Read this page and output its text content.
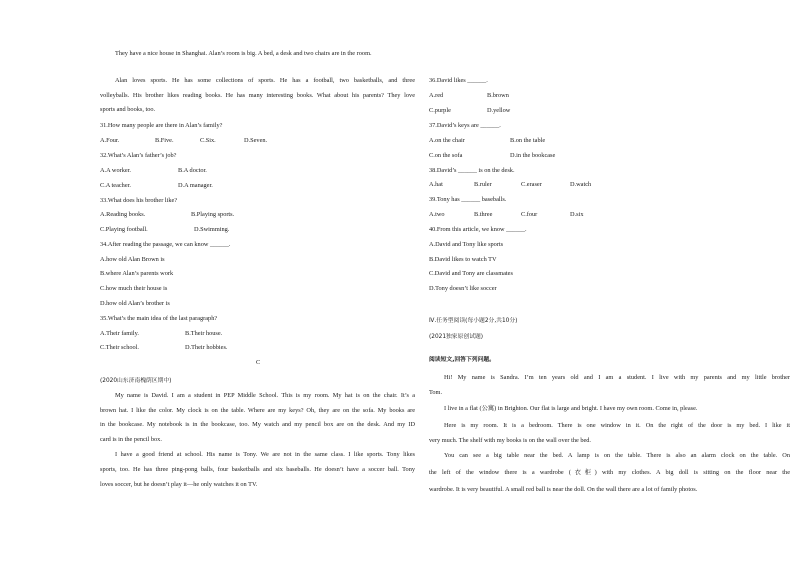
They have a nice house in Shanghai. Alan’s room is big. A bed, a desk and two chairs are in the room.
Alan loves sports. He has some collections of sports. He has a football, two basketballs, and three
volleyballs. His brother likes reading books. He has many interesting books. What about his parents? They love
sports and books, too.
31.How many people are there in Alan’s family?
A.Four.	B.Five.	C.Six.	D.Seven.
32.What’s Alan’s father’s job?
A.A worker.	B.A doctor.
C.A teacher.	D.A manager.
33.What does his brother like?
A.Reading books.	B.Playing sports.
C.Playing football.	D.Swimming.
34.After reading the passage, we can know ______.
A.how old Alan Brown is
B.where Alan’s parents work
C.how much their house is
D.how old Alan’s brother is
35.What’s the main idea of the last paragraph?
A.Their family.	B.Their house.
C.Their school.	D.Their hobbies.
C
(2020山东济南槐荫区期中)
My name is David. I am a student in PEP Middle School. This is my room. My hat is on the chair. It’s a
brown hat. I like the color. My clock is on the table. Where are my keys? Oh, they are on the sofa. My books are
in the bookcase. My notebook is in the bookcase, too. My watch and my pencil box are on the desk. And my ID
card is in the pencil box.
I have a good friend at school. His name is Tony. We are not in the same class. I like sports. Tony likes
sports, too. He has three ping-pong balls, four basketballs and six baseballs. He doesn’t have a soccer ball. Tony
loves soccer, but he doesn’t play it—he only watches it on TV.
36.David likes ______.
A.red	B.brown
C.purple	D.yellow
37.David’s keys are ______.
A.on the chair	B.on the table
C.on the sofa	D.in the bookcase
38.David’s ______ is on the desk.
A.hat	B.ruler	C.eraser	D.watch
39.Tony has ______ baseballs.
A.two	B.three	C.four	D.six
40.From this article, we know ______.
A.David and Tony like sports
B.David likes to watch TV
C.David and Tony are classmates
D.Tony doesn’t like soccer
Ⅳ.任务型阅读(每小题2分,共10分)
(2021独家原创试题)
阅读短文,回答下列问题。
Hi! My name is Sandra. I’m ten years old and I am a student. I live with my parents and my little brother
Tom.
I live in a flat (公寓) in Brighton. Our flat is large and bright. I have my own room. Come in, please.
Here is my room. It is a bedroom. There is one window in it. On the right of the door is my bed. I like it
very much. The shelf with my books is on the wall over the bed.
You can see a big table near the bed. A lamp is on the table. There is also an alarm clock on the table. On
the left of the window there is a wardrobe (衣柜) with my clothes. A big doll is sitting on the floor near the
wardrobe. It is very beautiful. A small red ball is near the doll. On the wall there are a lot of family photos.
